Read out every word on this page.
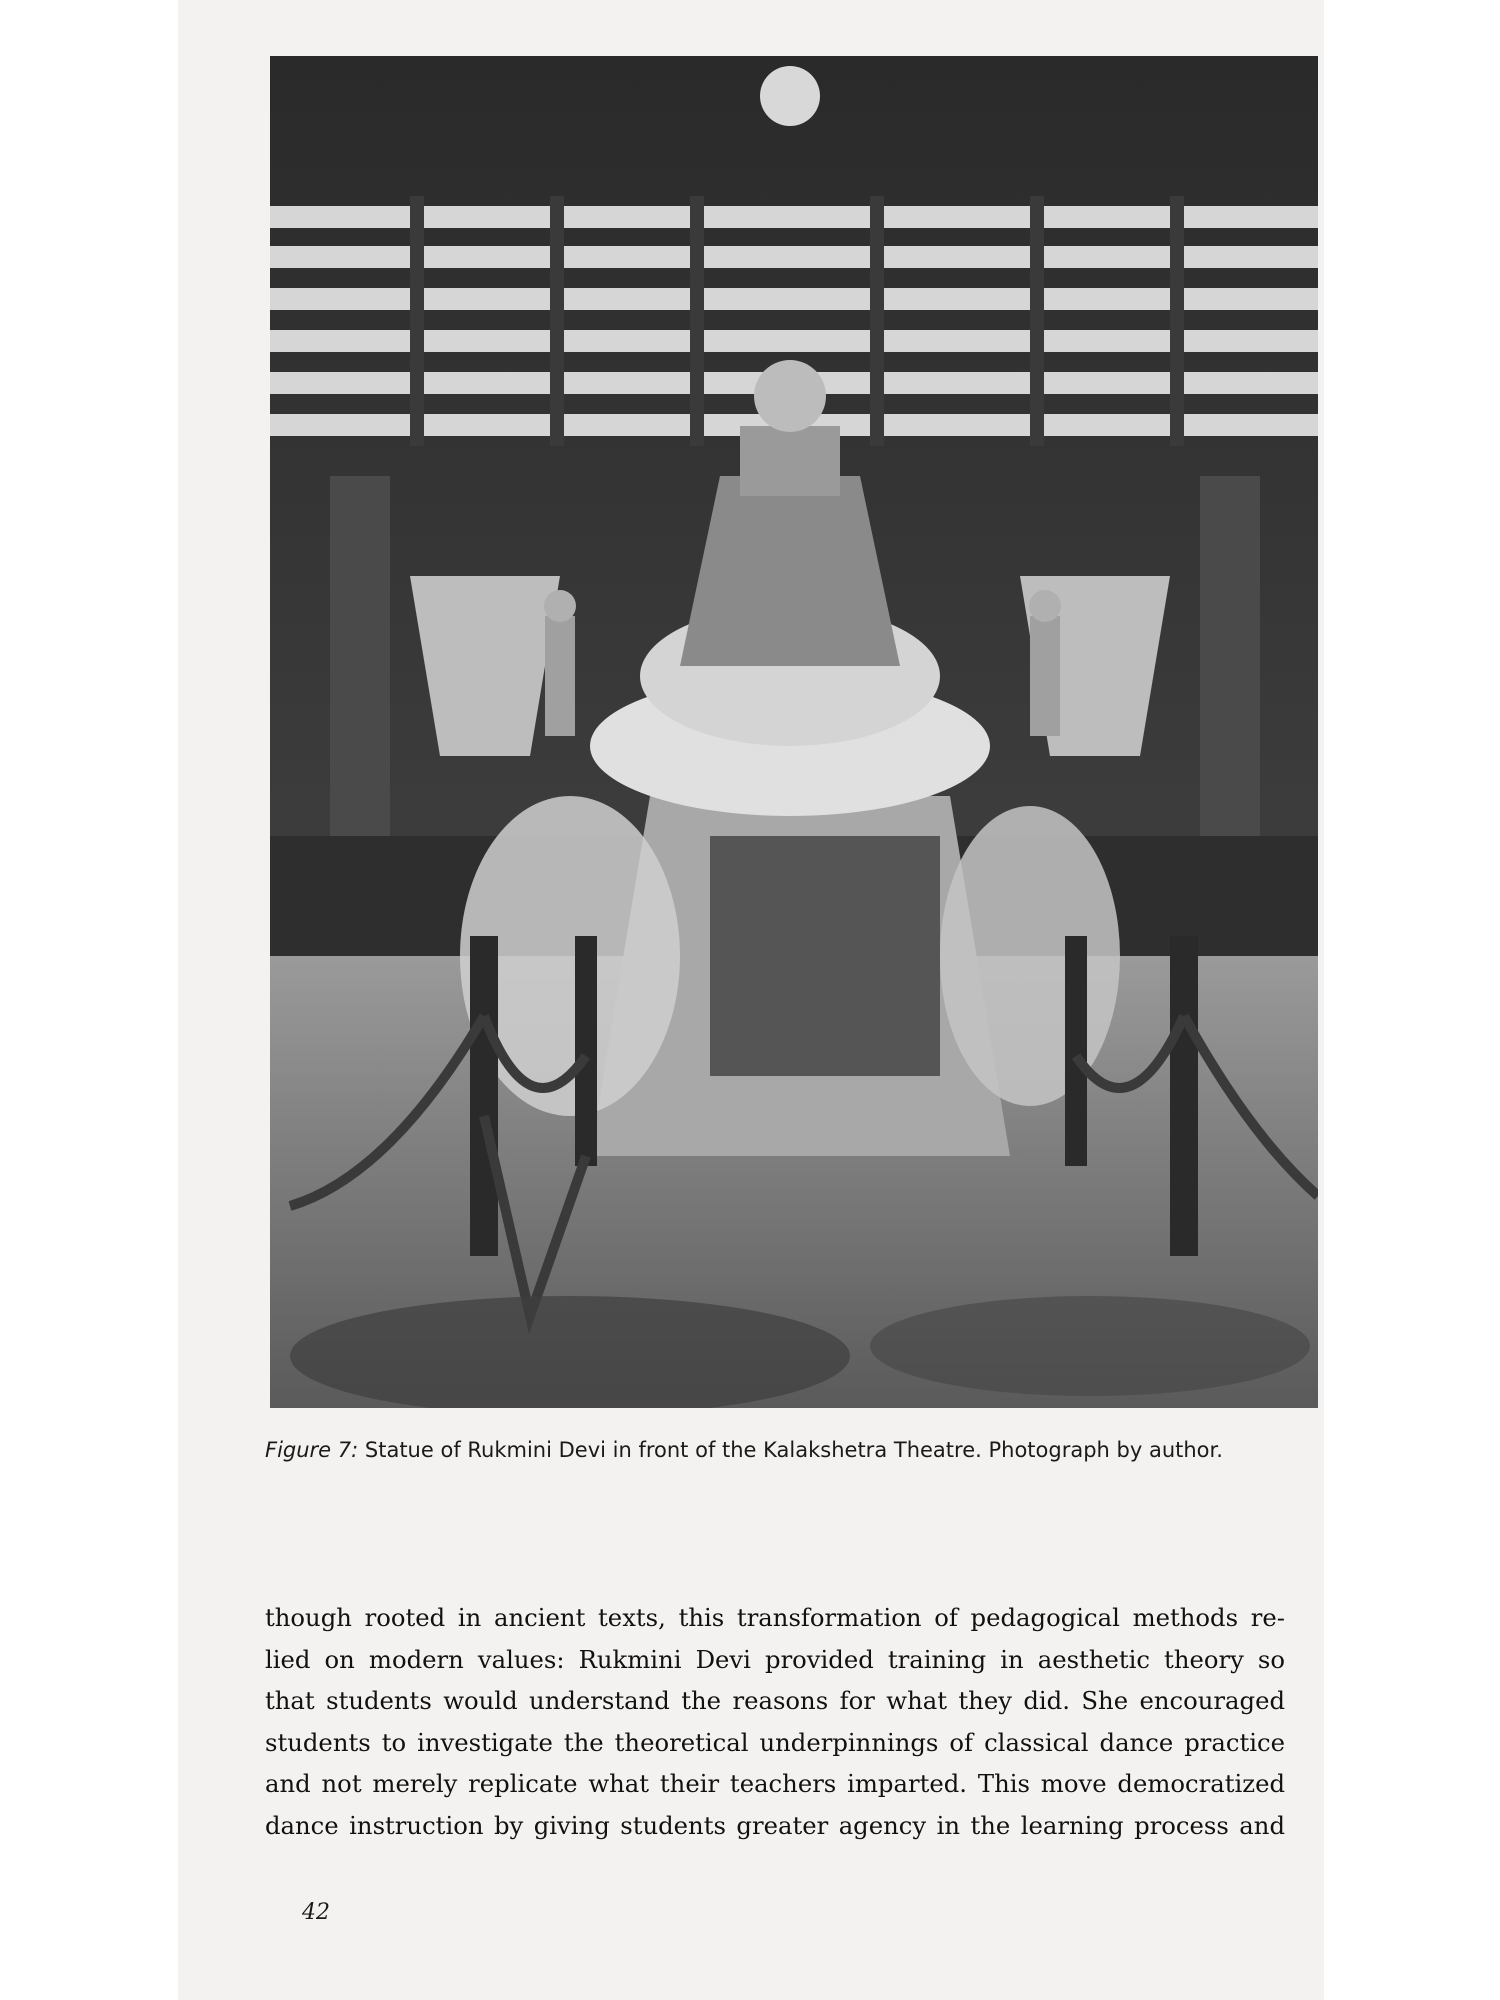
Figure 7: Statue of Rukmini Devi in front of the Kalakshetra Theatre. Photograph by author.
though rooted in ancient texts, this transformation of pedagogical methods re-
lied on modern values: Rukmini Devi provided training in aesthetic theory so
that students would understand the reasons for what they did. She encouraged
students to investigate the theoretical underpinnings of classical dance practice
and not merely replicate what their teachers imparted. This move democratized
dance instruction by giving students greater agency in the learning process and
42
